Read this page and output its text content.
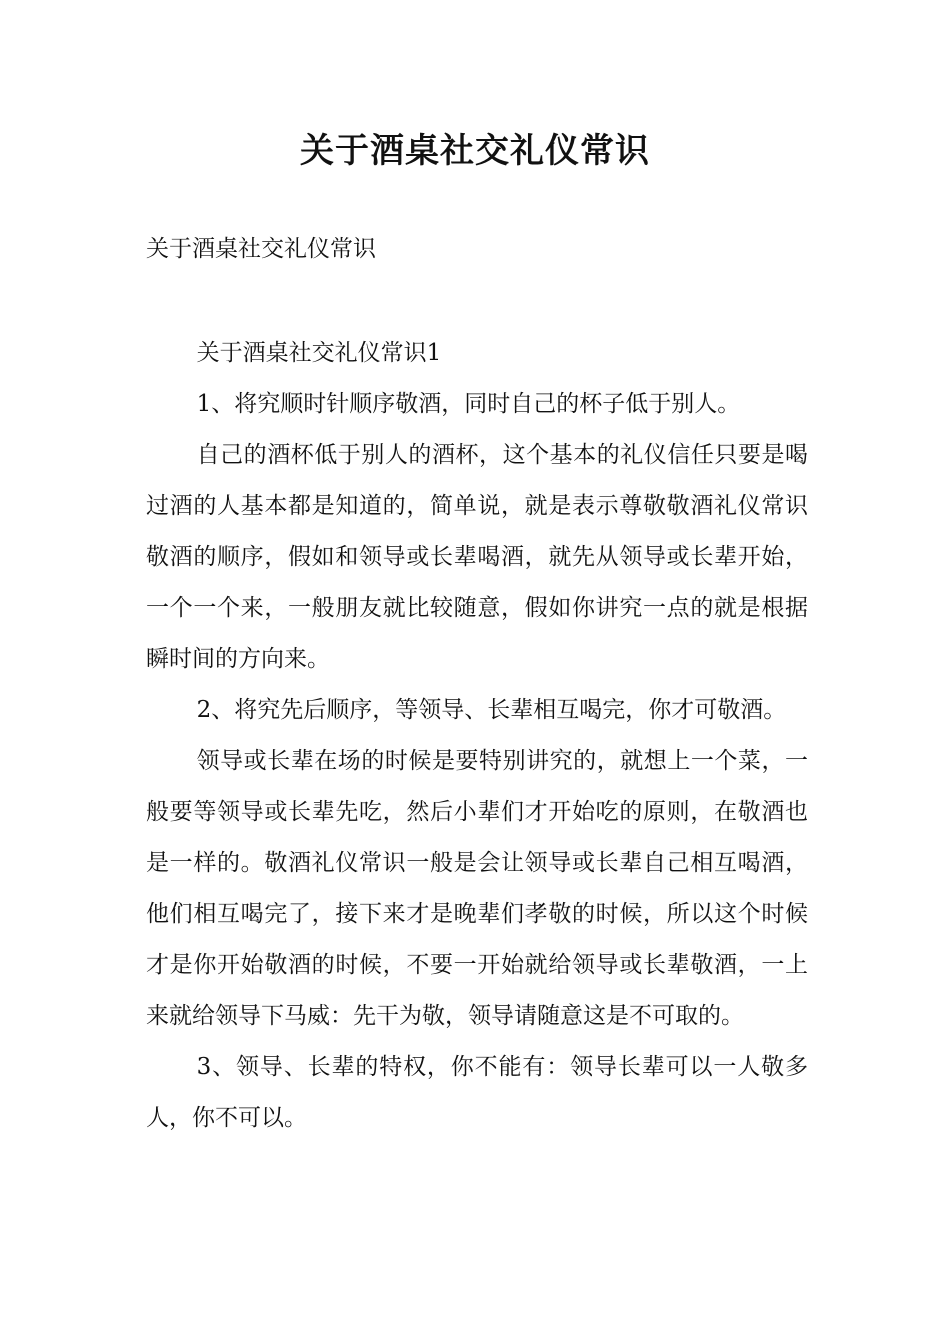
关于酒桌社交礼仪常识
关于酒桌社交礼仪常识

关于酒桌社交礼仪常识1

1、将究顺时针顺序敬酒，同时自己的杯子低于别人。

自己的酒杯低于别人的酒杯，这个基本的礼仪信任只要是喝过酒的人基本都是知道的，简单说，就是表示尊敬敬酒礼仪常识敬酒的顺序，假如和领导或长辈喝酒，就先从领导或长辈开始，一个一个来，一般朋友就比较随意，假如你讲究一点的就是根据瞬时间的方向来。

2、将究先后顺序，等领导、长辈相互喝完，你才可敬酒。

领导或长辈在场的时候是要特别讲究的，就想上一个菜，一般要等领导或长辈先吃，然后小辈们才开始吃的原则，在敬酒也是一样的。敬酒礼仪常识一般是会让领导或长辈自己相互喝酒，他们相互喝完了，接下来才是晚辈们孝敬的时候，所以这个时候才是你开始敬酒的时候，不要一开始就给领导或长辈敬酒，一上来就给领导下马威：先干为敬，领导请随意这是不可取的。

3、领导、长辈的特权，你不能有：领导长辈可以一人敬多人，你不可以。
